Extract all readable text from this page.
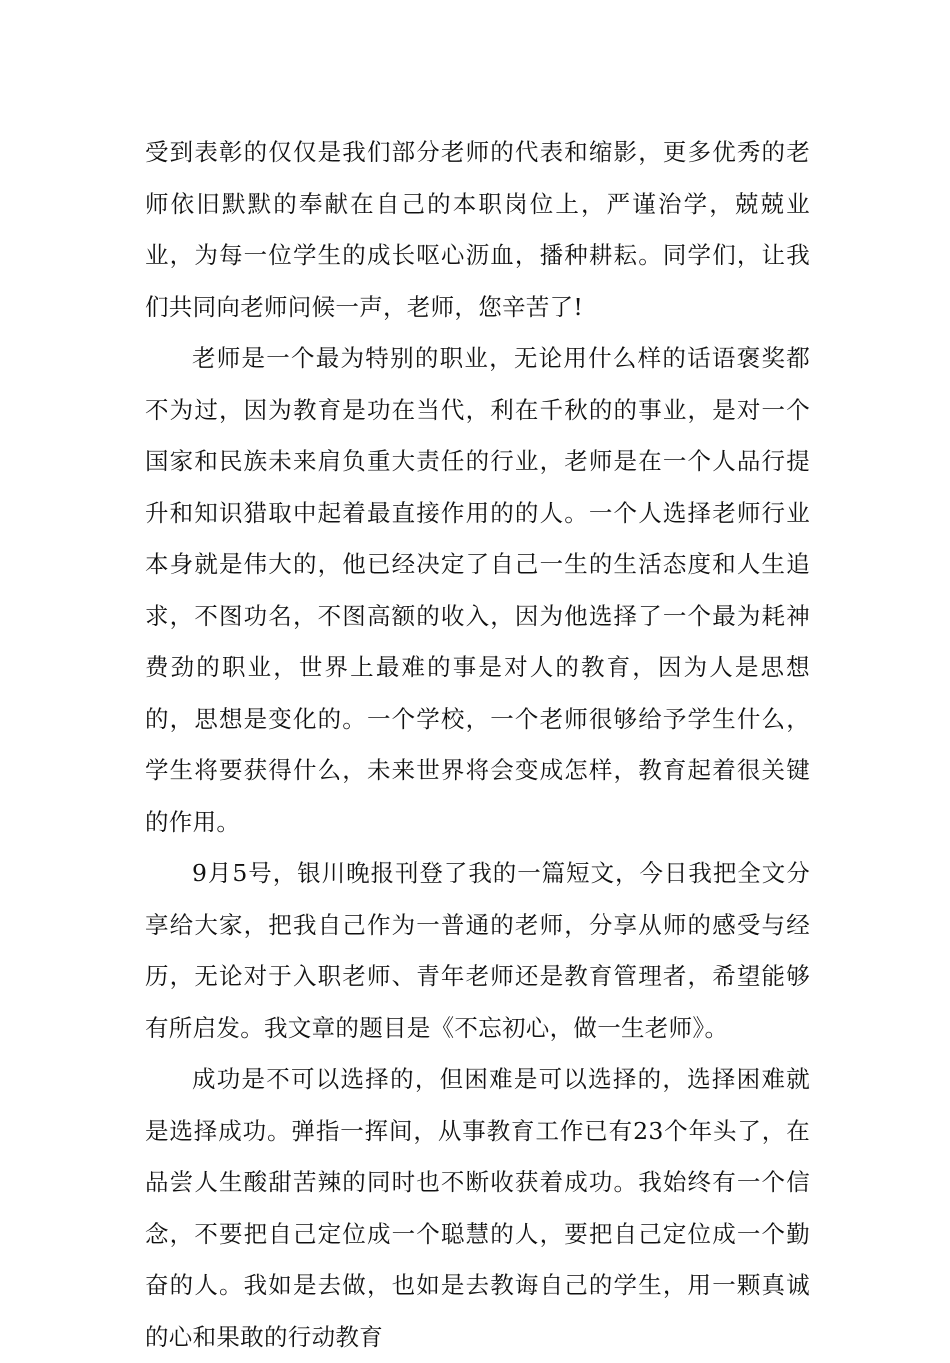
受到表彰的仅仅是我们部分老师的代表和缩影，更多优秀的老师依旧默默的奉献在自己的本职岗位上，严谨治学，兢兢业业，为每一位学生的成长呕心沥血，播种耕耘。同学们，让我们共同向老师问候一声，老师，您辛苦了!

老师是一个最为特别的职业，无论用什么样的话语褒奖都不为过，因为教育是功在当代，利在千秋的的事业，是对一个国家和民族未来肩负重大责任的行业，老师是在一个人品行提升和知识猎取中起着最直接作用的的人。一个人选择老师行业本身就是伟大的，他已经决定了自己一生的生活态度和人生追求，不图功名，不图高额的收入，因为他选择了一个最为耗神费劲的职业，世界上最难的事是对人的教育，因为人是思想的，思想是变化的。一个学校，一个老师很够给予学生什么，学生将要获得什么，未来世界将会变成怎样，教育起着很关键的作用。

9月5号，银川晚报刊登了我的一篇短文，今日我把全文分享给大家，把我自己作为一普通的老师，分享从师的感受与经历，无论对于入职老师、青年老师还是教育管理者，希望能够有所启发。我文章的题目是《不忘初心，做一生老师》。

成功是不可以选择的，但困难是可以选择的，选择困难就是选择成功。弹指一挥间，从事教育工作已有23个年头了，在品尝人生酸甜苦辣的同时也不断收获着成功。我始终有一个信念，不要把自己定位成一个聪慧的人，要把自己定位成一个勤奋的人。我如是去做，也如是去教诲自己的学生，用一颗真诚的心和果敢的行动教育
